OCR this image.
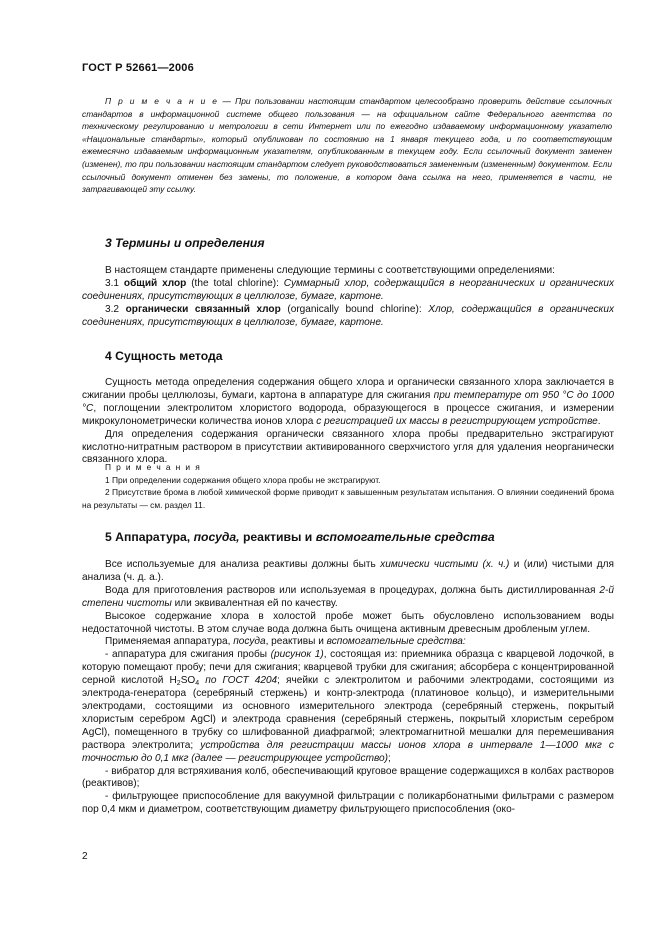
ГОСТ Р 52661—2006
П р и м е ч а н и е — При пользовании настоящим стандартом целесообразно проверить действие ссылочных стандартов в информационной системе общего пользования — на официальном сайте Федерального агентства по техническому регулированию и метрологии в сети Интернет или по ежегодно издаваемому информационному указателю «Национальные стандарты», который опубликован по состоянию на 1 января текущего года, и по соответствующим ежемесячно издаваемым информационным указателям, опубликованным в текущем году. Если ссылочный документ заменен (изменен), то при пользовании настоящим стандартом следует руководствоваться замененным (измененным) документом. Если ссылочный документ отменен без замены, то положение, в котором дана ссылка на него, применяется в части, не затрагивающей эту ссылку.
3 Термины и определения

В настоящем стандарте применены следующие термины с соответствующими определениями:

3.1 общий хлор (the total chlorine): Суммарный хлор, содержащийся в неорганических и органических соединениях, присутствующих в целлюлозе, бумаге, картоне.

3.2 органически связанный хлор (organically bound chlorine): Хлор, содержащийся в органических соединениях, присутствующих в целлюлозе, бумаге, картоне.

4 Сущность метода

Сущность метода определения содержания общего хлора и органически связанного хлора заключается в сжигании пробы целлюлозы, бумаги, картона в аппаратуре для сжигания при температуре от 950 °С до 1000 °С, поглощении электролитом хлористого водорода, образующегося в процессе сжигания, и измерении микрокулонометрически количества ионов хлора с регистрацией их массы в регистрирующем устройстве.

Для определения содержания органически связанного хлора пробы предварительно экстрагируют кислотно-нитратным раствором в присутствии активированного сверхчистого угля для удаления неорганически связанного хлора.

П р и м е ч а н и я

1 При определении содержания общего хлора пробы не экстрагируют.

2 Присутствие брома в любой химической форме приводит к завышенным результатам испытания. О влиянии соединений брома на результаты — см. раздел 11.

5 Аппаратура, посуда, реактивы и вспомогательные средства

Все используемые для анализа реактивы должны быть химически чистыми (х. ч.) и (или) чистыми для анализа (ч. д. а.).

Вода для приготовления растворов или используемая в процедурах, должна быть дистиллированная 2-й степени чистоты или эквивалентная ей по качеству.

Высокое содержание хлора в холостой пробе может быть обусловлено использованием воды недостаточной чистоты. В этом случае вода должна быть очищена активным древесным дробленым углем.

Применяемая аппаратура, посуда, реактивы и вспомогательные средства:

- аппаратура для сжигания пробы (рисунок 1), состоящая из: приемника образца с кварцевой лодочкой, в которую помещают пробу; печи для сжигания; кварцевой трубки для сжигания; абсорбера с концентрированной серной кислотой $H_2SO_4$ по ГОСТ 4204; ячейки с электролитом и рабочими электродами, состоящими из электрода-генератора (серебряный стержень) и контр-электрода (платиновое кольцо), и измерительными электродами, состоящими из основного измерительного электрода (серебряный стержень, покрытый хлористым серебром AgCl) и электрода сравнения (серебряный стержень, покрытый хлористым серебром AgCl), помещенного в трубку со шлифованной диафрагмой; электромагнитной мешалки для перемешивания раствора электролита; устройства для регистрации массы ионов хлора в интервале 1—1000 мкг с точностью до 0,1 мкг (далее — регистрирующее устройство);

- вибратор для встряхивания колб, обеспечивающий круговое вращение содержащихся в колбах растворов (реактивов);

- фильтрующее приспособление для вакуумной фильтрации с поликарбонатными фильтрами с размером пор 0,4 мкм и диаметром, соответствующим диаметру фильтрующего приспособления (око-

2
